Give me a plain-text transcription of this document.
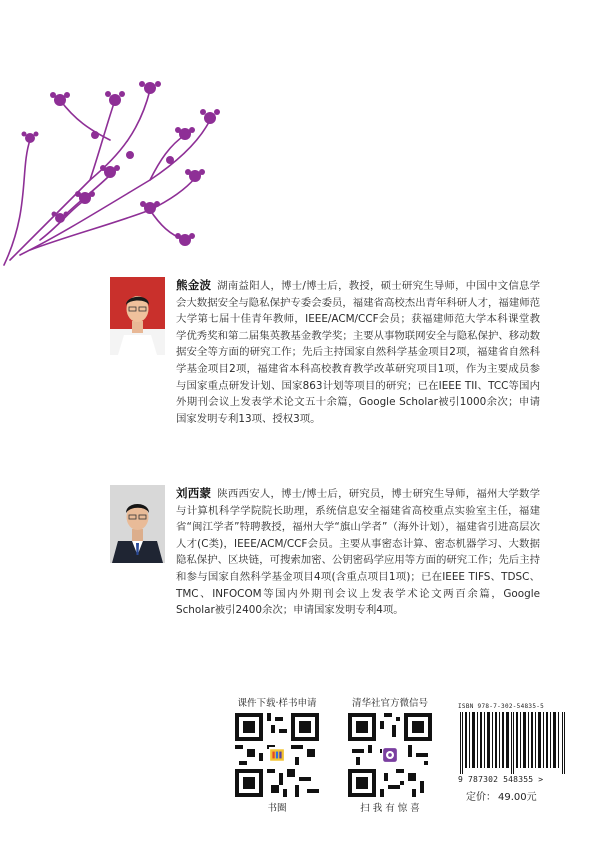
熊金波 湖南益阳人，博士/博士后，教授，硕士研究生导师，中国中文信息学会大数据安全与隐私保护专委会委员，福建省高校杰出青年科研人才，福建师范大学第七届十佳青年教师，IEEE/ACM/CCF会员；获福建师范大学本科课堂教学优秀奖和第二届集英教基金教学奖；主要从事物联网安全与隐私保护、移动数据安全等方面的研究工作；先后主持国家自然科学基金项目2项，福建省自然科学基金项目2项，福建省本科高校教育教学改革研究项目1项，作为主要成员参与国家重点研发计划、国家863计划等项目的研究；已在IEEE TII、TCC等国内外期刊会议上发表学术论文五十余篇，Google Scholar被引1000余次；申请国家发明专利13项、授权3项。
刘西蒙 陕西西安人，博士/博士后，研究员，博士研究生导师，福州大学数学与计算机科学学院院长助理，系统信息安全福建省高校重点实验室主任，福建省“闽江学者”特聘教授，福州大学“旗山学者”（海外计划），福建省引进高层次人才(C类)，IEEE/ACM/CCF会员。主要从事密态计算、密态机器学习、大数据隐私保护、区块链，可搜索加密、公钥密码学应用等方面的研究工作；先后主持和参与国家自然科学基金项目4项(含重点项目1项)；已在IEEE TIFS、TDSC、TMC、INFOCOM等国内外期刊会议上发表学术论文两百余篇，Google Scholar被引2400余次；申请国家发明专利4项。
课件下载·样书申请
书圈
清华社官方微信号
扫 我 有 惊 喜
ISBN 978-7-302-54835-5
9 787302 548355 >
定价： 49.00元
